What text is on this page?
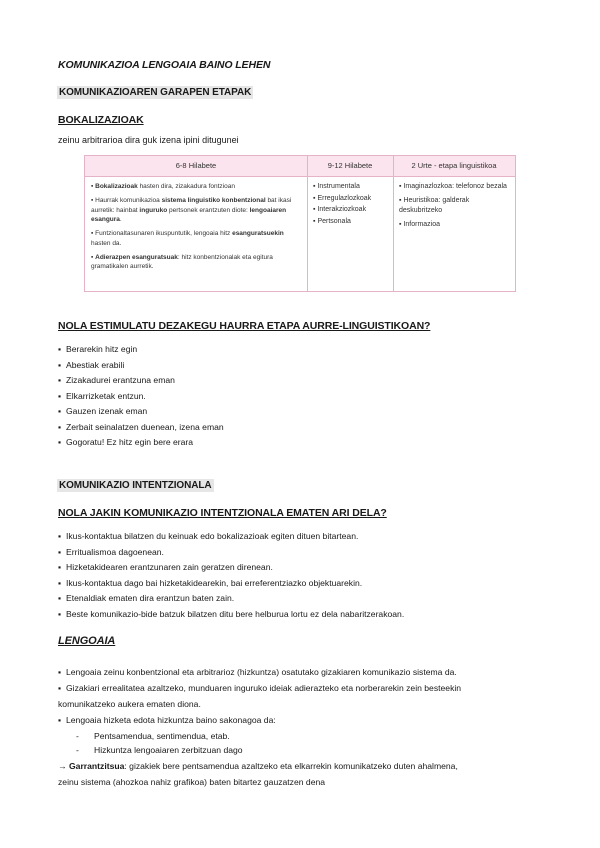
KOMUNIKAZIOA LENGOAIA BAINO LEHEN
KOMUNIKAZIOAREN GARAPEN ETAPAK
BOKALIZAZIOAK
zeinu arbitrarioa dira guk izena ipini ditugunei
6-8 Hilabete	9-12 Hilabete	2 Urte - etapa linguistikoa

▪ Bokalizazioak hasten dira, zizakadura fontzioan

▪ Haurrak komunikazioa sistema linguistiko konbentzional bat ikasi aurretik: hainbat inguruko pertsonek erantzuten diote: lengoaiaren esangura.

▪ Funtzionaltasunaren ikuspuntutik, lengoaia hitz esanguratsuekin hasten da.

▪ Adierazpen esanguratsuak: hitz konbentzionalak eta egitura gramatikalen aurretik.

▪ Instrumentala
▪ Erregulazlozkoak
▪ Interakziozkoak
▪ Pertsonala

▪ Imaginazlozkoa: telefonoz bezala

▪ Heuristikoa: galderak deskubritzeko

▪ Informazioa

NOLA ESTIMULATU DEZAKEGU HAURRA ETAPA AURRE-LINGUISTIKOAN?
▪ Berarekin hitz egin
▪ Abestiak erabili
▪ Zizakadurei erantzuna eman
▪ Elkarrizketak entzun.
▪ Gauzen izenak eman
▪ Zerbait seinalatzen duenean, izena eman
▪ Gogoratu! Ez hitz egin bere erara
KOMUNIKAZIO INTENTZIONALA
NOLA JAKIN KOMUNIKAZIO INTENTZIONALA EMATEN ARI DELA?
▪ Ikus-kontaktua bilatzen du keinuak edo bokalizazioak egiten dituen bitartean.
▪ Erritualismoa dagoenean.
▪ Hizketakidearen erantzunaren zain geratzen direnean.
▪ Ikus-kontaktua dago bai hizketakidearekin, bai erreferentziazko objektuarekin.
▪ Etenaldiak ematen dira erantzun baten zain.
▪ Beste komunikazio-bide batzuk bilatzen ditu bere helburua lortu ez dela nabaritzerakoan.
LENGOAIA
▪ Lengoaia zeinu konbentzional eta arbitrarioz (hizkuntza) osatutako gizakiaren komunikazio sistema da.
▪ Gizakiari errealitatea azaltzeko, munduaren inguruko ideiak adierazteko eta norberarekin zein besteekin
komunikatzeko aukera ematen diona.
▪ Lengoaia hizketa edota hizkuntza baino sakonagoa da:
- Pentsamendua, sentimendua, etab.
- Hizkuntza lengoaiaren zerbitzuan dago
→ Garrantzitsua: gizakiek bere pentsamendua azaltzeko eta elkarrekin komunikatzeko duten ahalmena,
zeinu sistema (ahozkoa nahiz grafikoa) baten bitartez gauzatzen dena
